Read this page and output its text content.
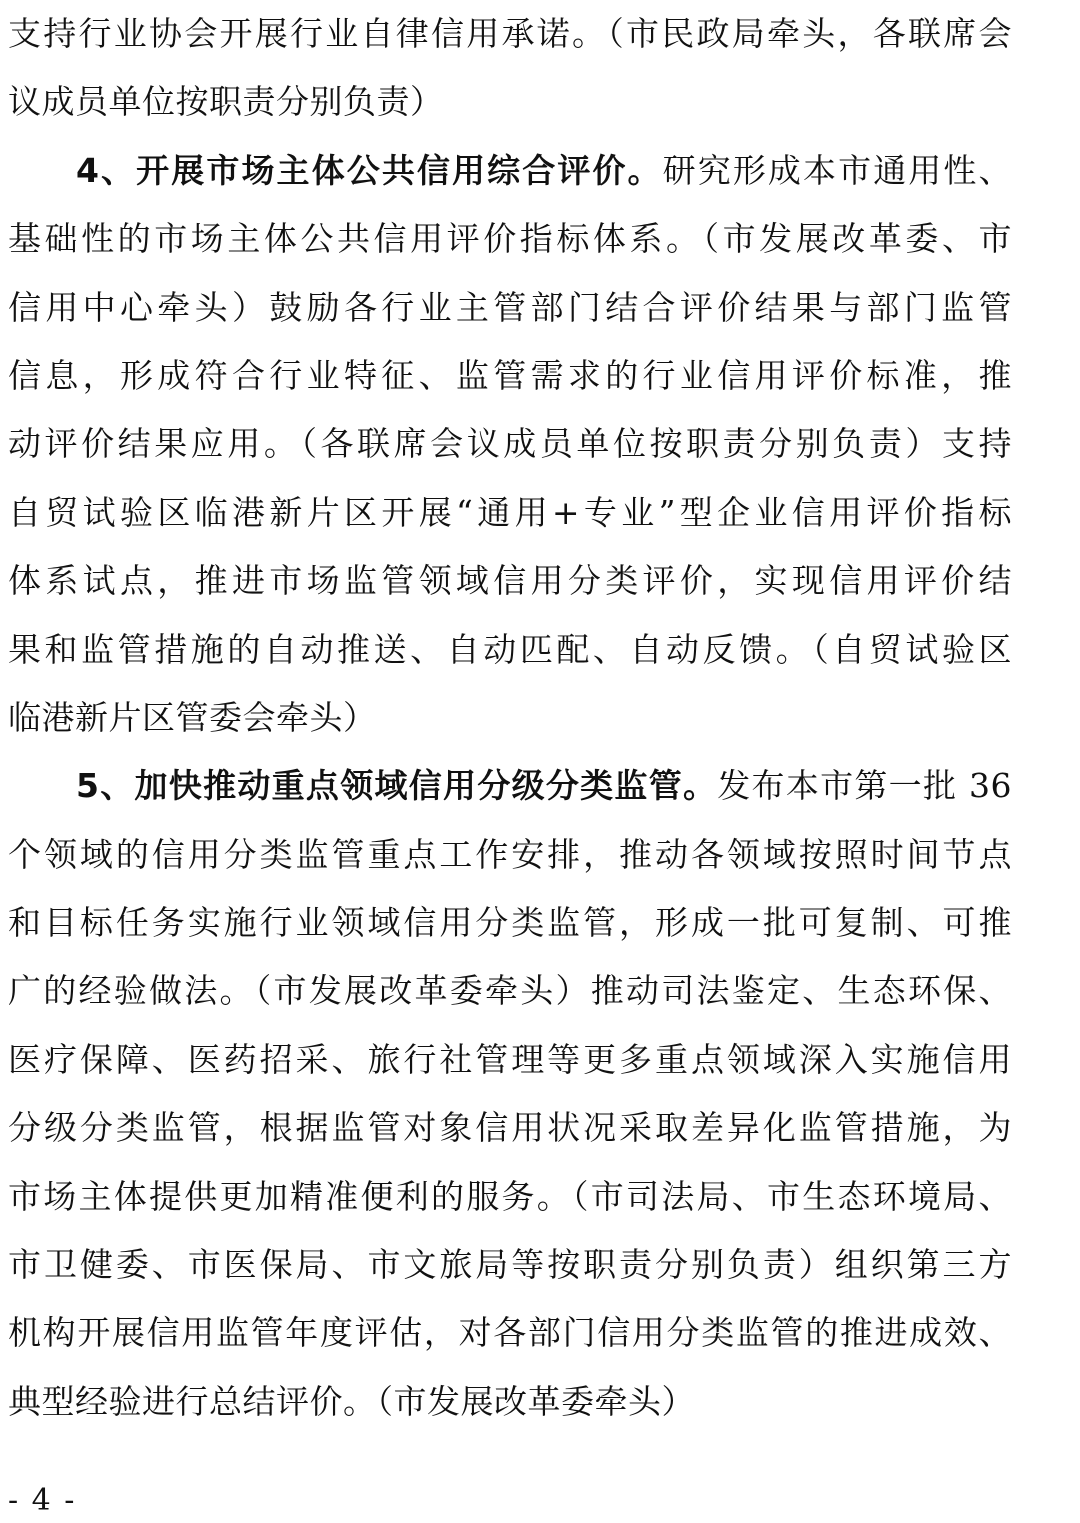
支持行业协会开展行业自律信用承诺。（市民政局牵头，各联席会
议成员单位按职责分别负责）
4、开展市场主体公共信用综合评价。研究形成本市通用性、
基础性的市场主体公共信用评价指标体系。（市发展改革委、市
信用中心牵头）鼓励各行业主管部门结合评价结果与部门监管
信息，形成符合行业特征、监管需求的行业信用评价标准，推
动评价结果应用。（各联席会议成员单位按职责分别负责）支持
自贸试验区临港新片区开展“通用+专业”型企业信用评价指标
体系试点，推进市场监管领域信用分类评价，实现信用评价结
果和监管措施的自动推送、自动匹配、自动反馈。（自贸试验区
临港新片区管委会牵头）
5、加快推动重点领域信用分级分类监管。发布本市第一批 36
个领域的信用分类监管重点工作安排，推动各领域按照时间节点
和目标任务实施行业领域信用分类监管，形成一批可复制、可推
广的经验做法。（市发展改革委牵头）推动司法鉴定、生态环保、
医疗保障、医药招采、旅行社管理等更多重点领域深入实施信用
分级分类监管，根据监管对象信用状况采取差异化监管措施，为
市场主体提供更加精准便利的服务。（市司法局、市生态环境局、
市卫健委、市医保局、市文旅局等按职责分别负责）组织第三方
机构开展信用监管年度评估，对各部门信用分类监管的推进成效、
典型经验进行总结评价。（市发展改革委牵头）
- 4 -
